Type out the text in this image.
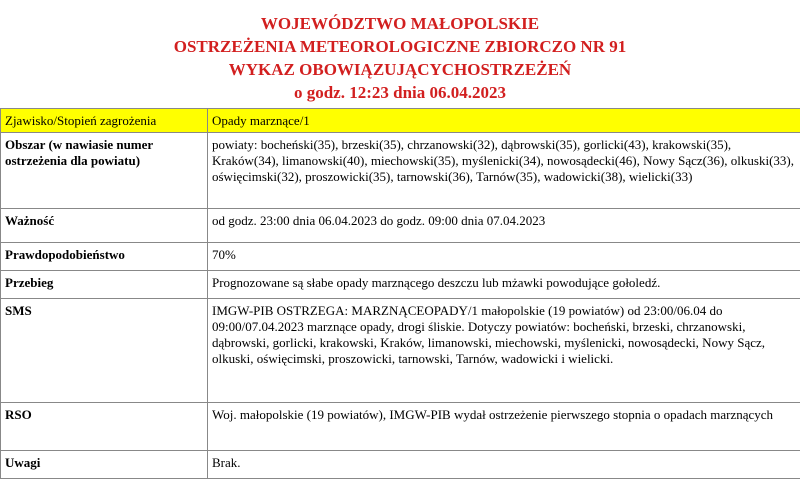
WOJEWÓDZTWO MAŁOPOLSKIE
OSTRZEŻENIA METEOROLOGICZNE ZBIORCZO NR 91
WYKAZ OBOWIĄZUJĄCYCHOSTRZEŻEŃ
o godz. 12:23 dnia 06.04.2023
Zjawisko/Stopień zagrożenia	Opady marznące/1
Obszar (w nawiasie numer ostrzeżenia dla powiatu)	powiaty: bocheński(35), brzeski(35), chrzanowski(32), dąbrowski(35), gorlicki(43), krakowski(35), Kraków(34), limanowski(40), miechowski(35), myślenicki(34), nowosądecki(46), Nowy Sącz(36), olkuski(33), oświęcimski(32), proszowicki(35), tarnowski(36), Tarnów(35), wadowicki(38), wielicki(33)
Ważność	od godz. 23:00 dnia 06.04.2023 do godz. 09:00 dnia 07.04.2023
Prawdopodobieństwo	70%
Przebieg	Prognozowane są słabe opady marznącego deszczu lub mżawki powodujące gołoledź.
SMS	IMGW-PIB OSTRZEGA: MARZNĄCEOPADY/1 małopolskie (19 powiatów) od 23:00/06.04 do 09:00/07.04.2023 marznące opady, drogi śliskie. Dotyczy powiatów: bocheński, brzeski, chrzanowski, dąbrowski, gorlicki, krakowski, Kraków, limanowski, miechowski, myślenicki, nowosądecki, Nowy Sącz, olkuski, oświęcimski, proszowicki, tarnowski, Tarnów, wadowicki i wielicki.
RSO	Woj. małopolskie (19 powiatów), IMGW-PIB wydał ostrzeżenie pierwszego stopnia o opadach marznących
Uwagi	Brak.
